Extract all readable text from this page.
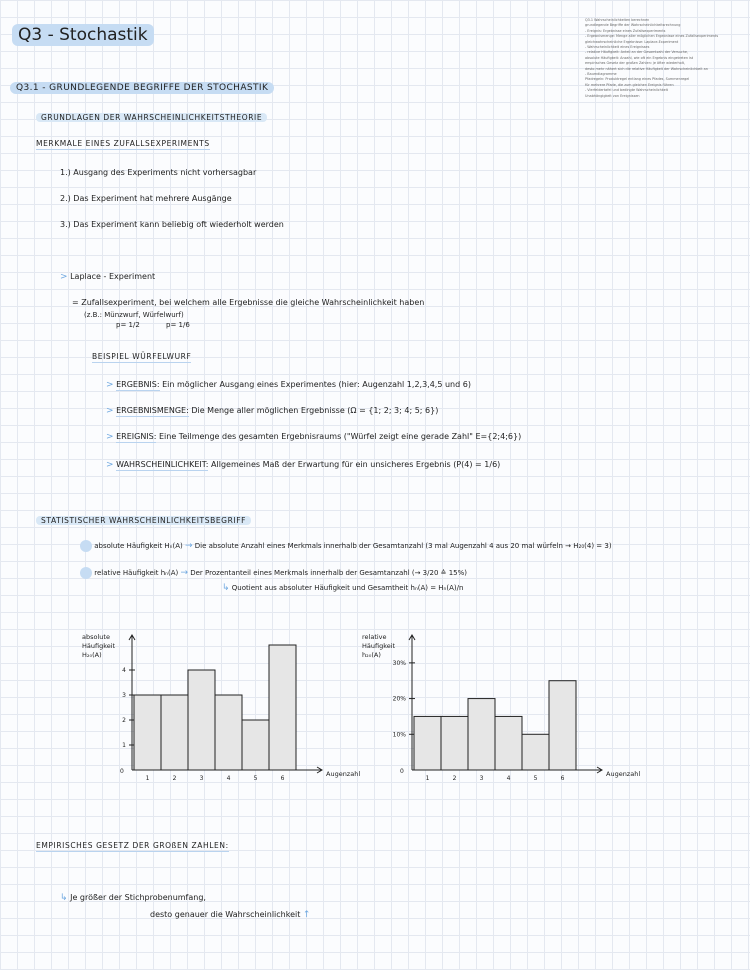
Q3 - Stochastik
Q3.1 Wahrscheinlichkeiten berechnen
grundlegende Begriffe der Wahrscheinlichkeitsrechnung
- Ereignis: Ergebnisse eines Zufallsexperiments
- Ergebnismenge: Menge aller möglichen Ergebnisse eines Zufallsexperiments
gleichwahrscheinliche Ergebnisse: Laplace-Experiment
- Wahrscheinlichkeit eines Ereignisses
- relative Häufigkeit: Anteil an der Gesamtzahl der Versuche,
absolute Häufigkeit: Anzahl, wie oft ein Ergebnis eingetreten ist
empirisches Gesetz der großen Zahlen: je öfter wiederholt,
desto mehr nähert sich die relative Häufigkeit der Wahrscheinlichkeit an
- Baumdiagramme
Pfadregeln: Produktregel entlang eines Pfades, Summenregel
für mehrere Pfade, die zum gleichen Ereignis führen
- Vierfeldertafel und bedingte Wahrscheinlichkeit
Unabhängigkeit von Ereignissen
Q3.1 - GRUNDLEGENDE BEGRIFFE DER STOCHASTIK
GRUNDLAGEN DER WAHRSCHEINLICHKEITSTHEORIE
MERKMALE EINES ZUFALLSEXPERIMENTS
1.) Ausgang des Experiments nicht vorhersagbar
2.) Das Experiment hat mehrere Ausgänge
3.) Das Experiment kann beliebig oft wiederholt werden
> Laplace - Experiment
= Zufallsexperiment, bei welchem alle Ergebnisse die gleiche Wahrscheinlichkeit haben
(z.B.: Münzwurf, Würfelwurf)
p= 1/2	p= 1/6
BEISPIEL WÜRFELWURF
> ERGEBNIS: Ein möglicher Ausgang eines Experimentes (hier: Augenzahl 1,2,3,4,5 und 6)
> ERGEBNISMENGE: Die Menge aller möglichen Ergebnisse (Ω = {1; 2; 3; 4; 5; 6})
> EREIGNIS: Eine Teilmenge des gesamten Ergebnisraums ("Würfel zeigt eine gerade Zahl" E={2;4;6})
> WAHRSCHEINLICHKEIT: Allgemeines Maß der Erwartung für ein unsicheres Ergebnis (P(4) = 1/6)
STATISTISCHER WAHRSCHEINLICHKEITSBEGRIFF
absolute Häufigkeit Hₙ(A) → Die absolute Anzahl eines Merkmals innerhalb der Gesamtanzahl (3 mal Augenzahl 4 aus 20 mal würfeln → H₂₀(4) = 3)
relative Häufigkeit hₙ(A) → Der Prozentanteil eines Merkmals innerhalb der Gesamtanzahl (→ 3/20 ≙ 15%)
↳ Quotient aus absoluter Häufigkeit und Gesamtheit hₙ(A) = Hₙ(A)/n
absolute
Häufigkeit
H₂₀(A)
Augenzahl
0
1
2
3
4
1	2	3	4	5	6
relative
Häufigkeit
h₂₀(A)
Augenzahl
0
10%
20%
30%
1	2	3	4	5	6
EMPIRISCHES GESETZ DER GROßEN ZAHLEN:
↳ Je größer der Stichprobenumfang,
desto genauer die Wahrscheinlichkeit ↑
